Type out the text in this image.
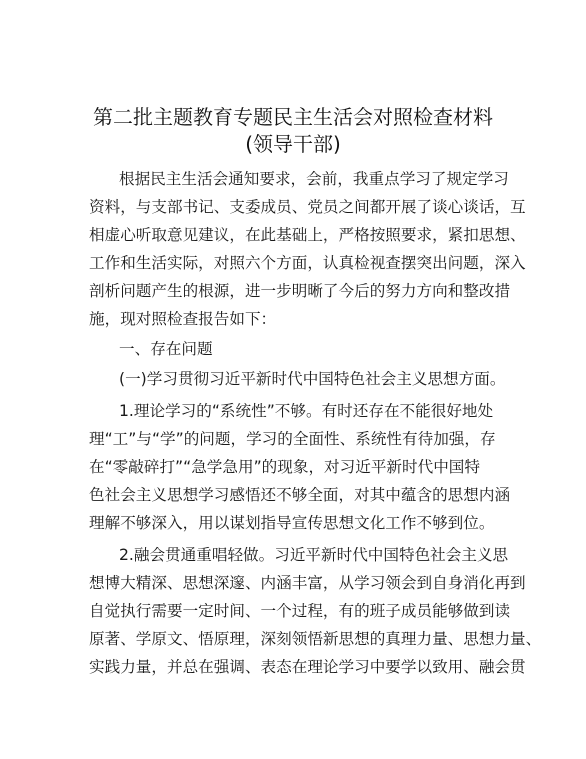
第二批主题教育专题民主生活会对照检查材料
(领导干部)
根据民主生活会通知要求，会前，我重点学习了规定学习
资料，与支部书记、支委成员、党员之间都开展了谈心谈话，互
相虚心听取意见建议，在此基础上，严格按照要求，紧扣思想、
工作和生活实际，对照六个方面，认真检视查摆突出问题，深入
剖析问题产生的根源，进一步明晰了今后的努力方向和整改措
施，现对照检查报告如下：
一、存在问题
(一)学习贯彻习近平新时代中国特色社会主义思想方面。
1.理论学习的“系统性”不够。有时还存在不能很好地处
理“工”与“学”的问题，学习的全面性、系统性有待加强，存
在“零敲碎打”“急学急用”的现象，对习近平新时代中国特
色社会主义思想学习感悟还不够全面，对其中蕴含的思想内涵
理解不够深入，用以谋划指导宣传思想文化工作不够到位。
2.融会贯通重唱轻做。习近平新时代中国特色社会主义思
想博大精深、思想深邃、内涵丰富，从学习领会到自身消化再到
自觉执行需要一定时间、一个过程，有的班子成员能够做到读
原著、学原文、悟原理，深刻领悟新思想的真理力量、思想力量、
实践力量，并总在强调、表态在理论学习中要学以致用、融会贯
